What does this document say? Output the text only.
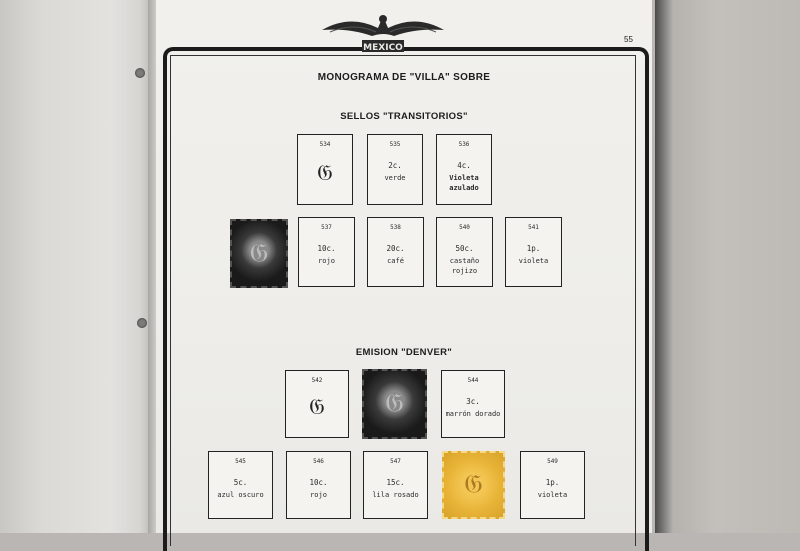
MEXICO
55
MONOGRAMA DE "VILLA" SOBRE
SELLOS "TRANSITORIOS"
EMISION "DENVER"
534
𝔊
535
2c.
verde
536
4c.
Violeta azulado
𝔊
537
10c.
rojo
538
20c.
café
540
50c.
castaño rojizo
541
1p.
violeta
542
𝔊	𝔊
544
3c.
marrón dorado
545
5c.
azul oscuro
546
10c.
rojo
547
15c.
lila rosado	𝔊
549
1p.
violeta
